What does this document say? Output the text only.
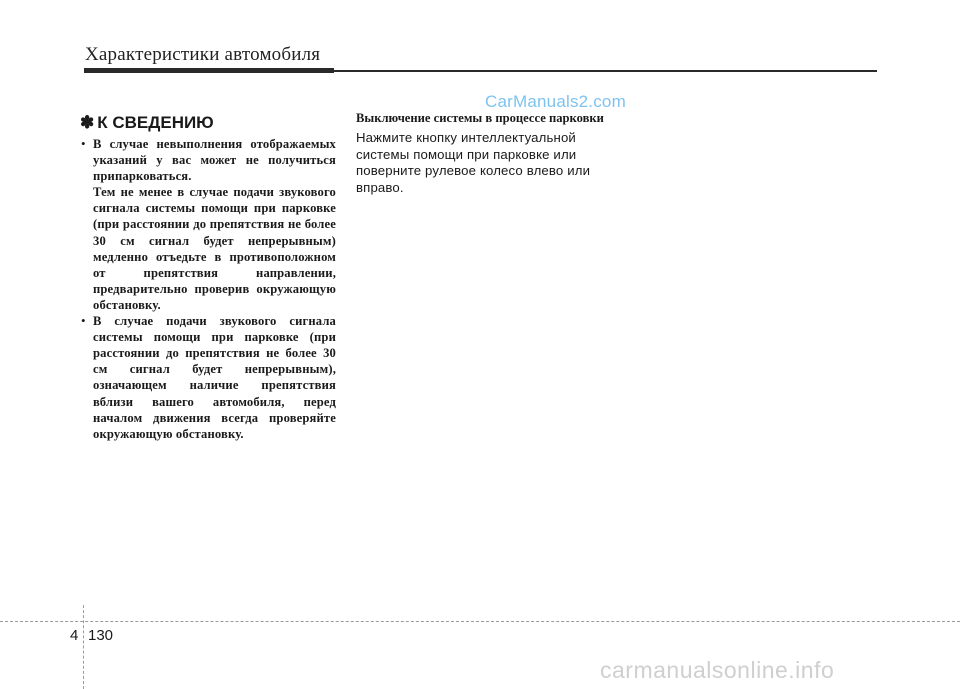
Характеристики автомобиля
CarManuals2.com
✽ К СВЕДЕНИЮ
• В случае невыполнения отображаемых указаний у вас может не получиться припарковаться.
Тем не менее в случае подачи звукового сигнала системы помощи при парковке (при расстоянии до препятствия не более 30 см сигнал будет непрерывным) медленно отъедьте в противоположном от препятствия направлении, предварительно проверив окружающую обстановку.

• В случае подачи звукового сигнала системы помощи при парковке (при расстоянии до препятствия не более 30 см сигнал будет непрерывным), означающем наличие препятствия вблизи вашего автомобиля, перед началом движения всегда проверяйте окружающую обстановку.

Выключение системы в процессе парковки

Нажмите кнопку интеллектуальной системы помощи при парковке или поверните рулевое колесо влево или вправо.

4 130
carmanualsonline.info
